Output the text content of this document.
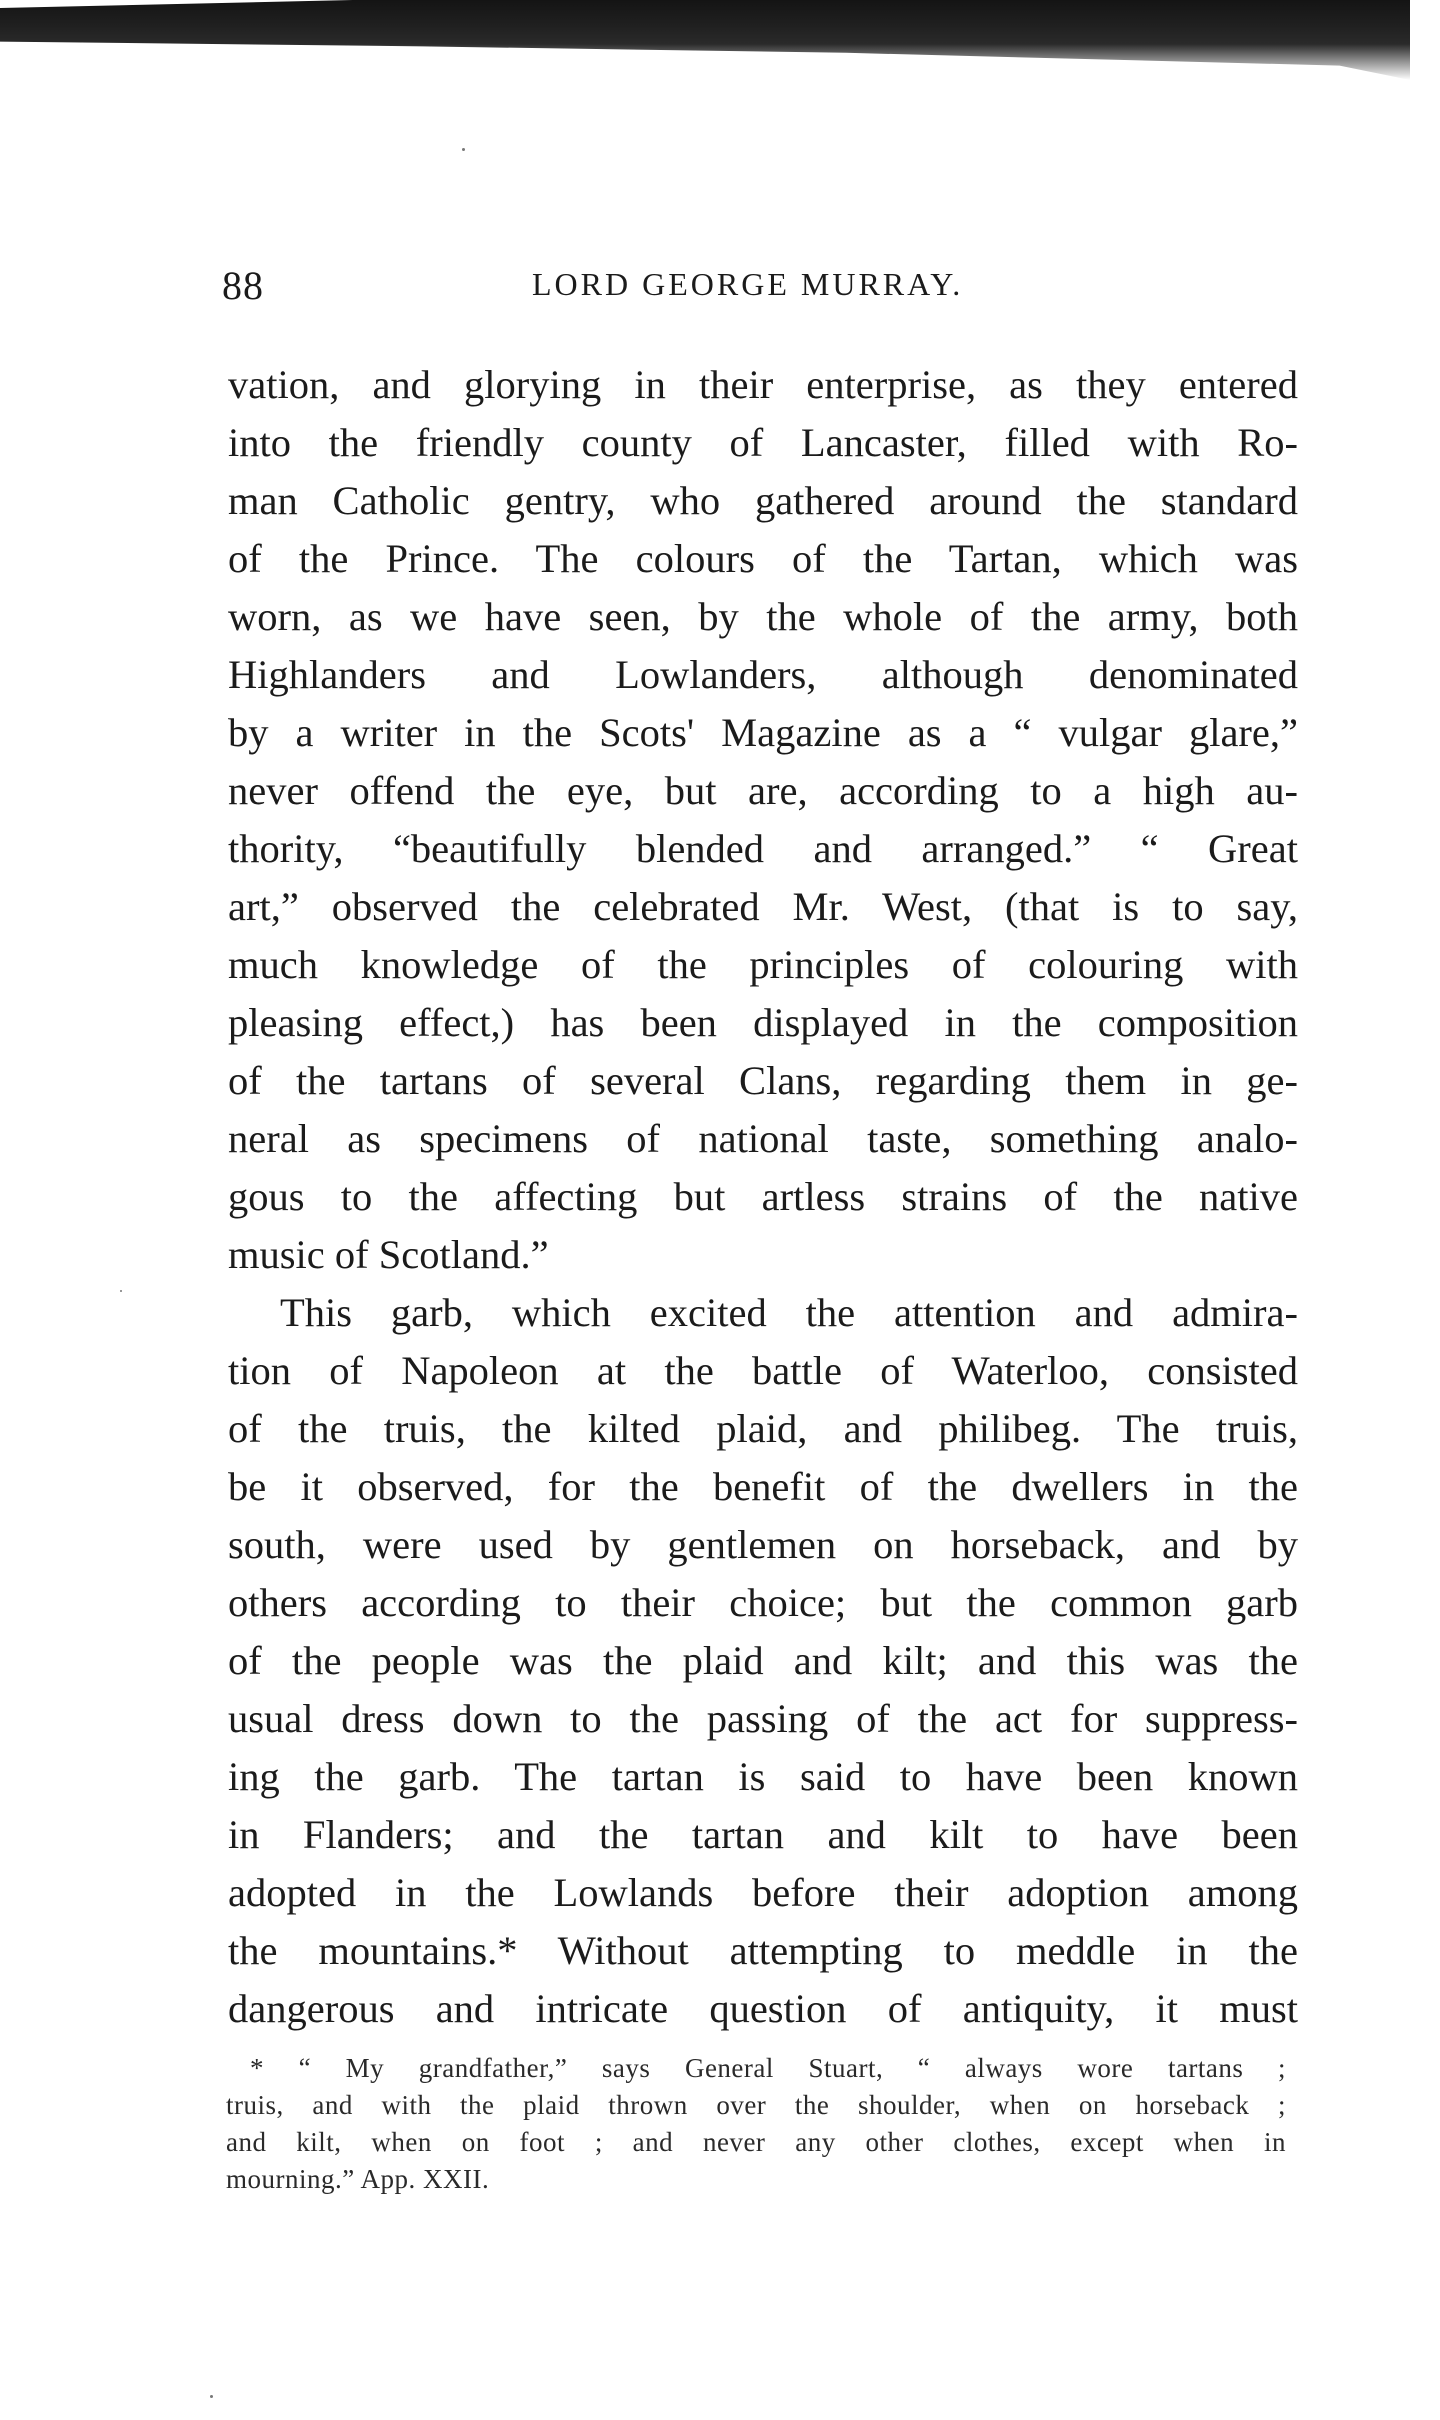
88	LORD GEORGE MURRAY.
vation, and glorying in their enterprise, as they entered
into the friendly county of Lancaster, filled with Ro-
man Catholic gentry, who gathered around the standard
of the Prince. The colours of the Tartan, which was
worn, as we have seen, by the whole of the army, both
Highlanders and Lowlanders, although denominated
by a writer in the Scots' Magazine as a “ vulgar glare,”
never offend the eye, but are, according to a high au-
thority, “beautifully blended and arranged.” “ Great
art,” observed the celebrated Mr. West, (that is to say,
much knowledge of the principles of colouring with
pleasing effect,) has been displayed in the composition
of the tartans of several Clans, regarding them in ge-
neral as specimens of national taste, something analo-
gous to the affecting but artless strains of the native
music of Scotland.”
This garb, which excited the attention and admira-
tion of Napoleon at the battle of Waterloo, consisted
of the truis, the kilted plaid, and philibeg. The truis,
be it observed, for the benefit of the dwellers in the
south, were used by gentlemen on horseback, and by
others according to their choice; but the common garb
of the people was the plaid and kilt; and this was the
usual dress down to the passing of the act for suppress-
ing the garb. The tartan is said to have been known
in Flanders; and the tartan and kilt to have been
adopted in the Lowlands before their adoption among
the mountains.* Without attempting to meddle in the
dangerous and intricate question of antiquity, it must
* “ My grandfather,” says General Stuart, “ always wore tartans ;
truis, and with the plaid thrown over the shoulder, when on horseback ;
and kilt, when on foot ; and never any other clothes, except when in
mourning.” App. XXII.
